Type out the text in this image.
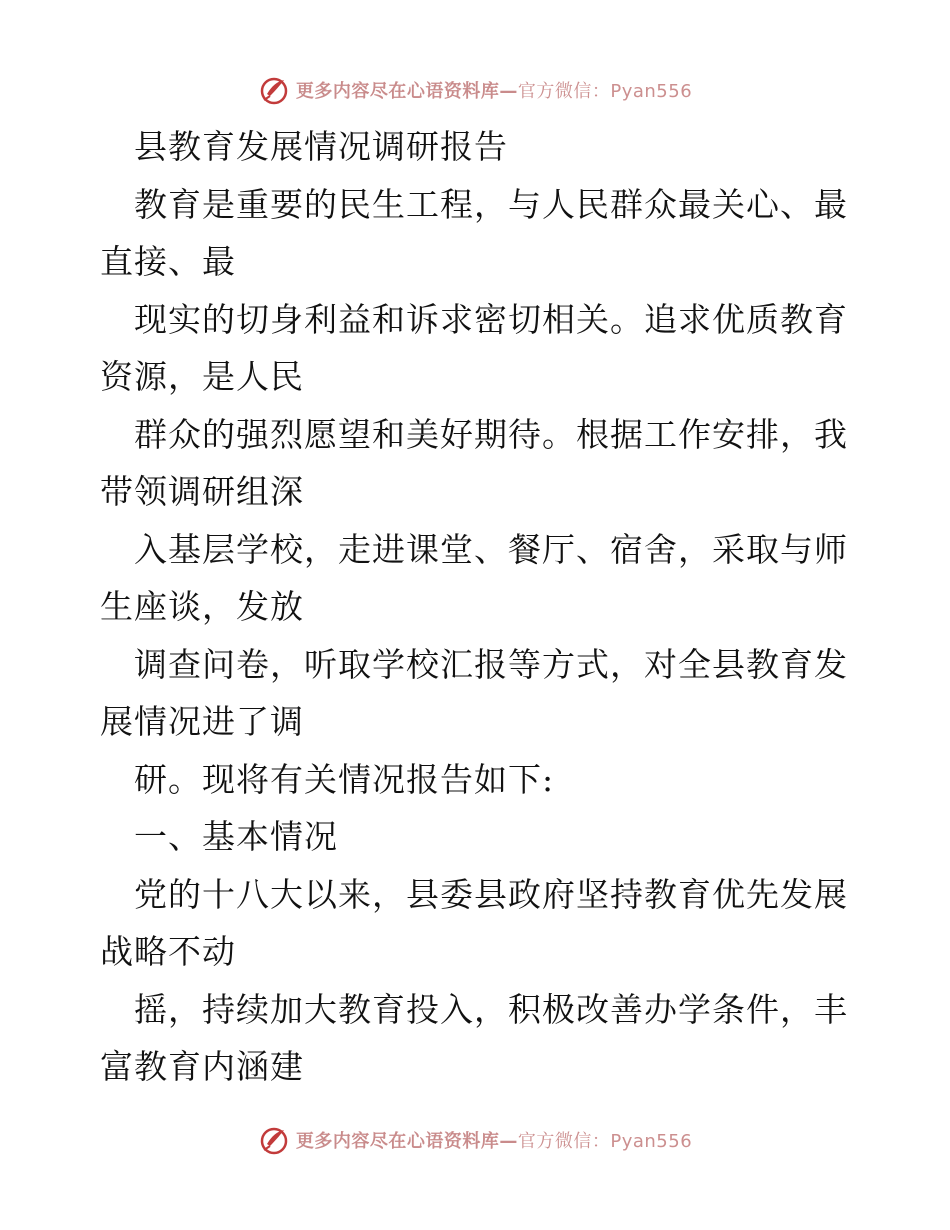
更多内容尽在心语资料库—官方微信：Pyan556
县教育发展情况调研报告
教育是重要的民生工程，与人民群众最关心、最
直接、最
现实的切身利益和诉求密切相关。追求优质教育
资源，是人民
群众的强烈愿望和美好期待。根据工作安排，我
带领调研组深
入基层学校，走进课堂、餐厅、宿舍，采取与师
生座谈，发放
调查问卷，听取学校汇报等方式，对全县教育发
展情况进了调
研。现将有关情况报告如下:
一、基本情况
党的十八大以来，县委县政府坚持教育优先发展
战略不动
摇，持续加大教育投入，积极改善办学条件，丰
富教育内涵建
更多内容尽在心语资料库—官方微信：Pyan556
